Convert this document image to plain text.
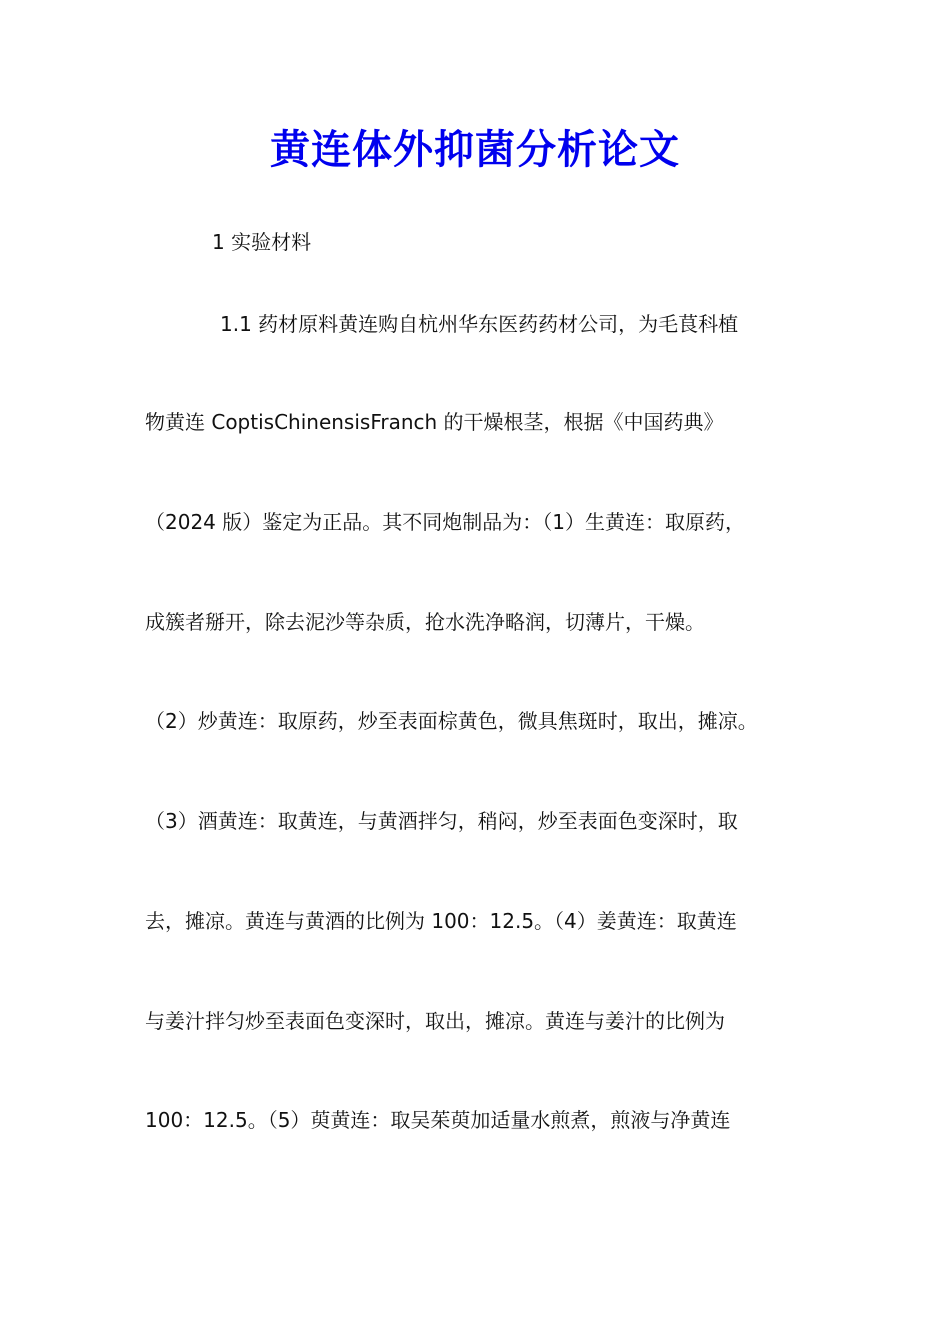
黄连体外抑菌分析论文
1 实验材料
1.1 药材原料黄连购自杭州华东医药药材公司，为毛茛科植
物黄连 CoptisChinensisFranch 的干燥根茎，根据《中国药典》
（2024 版）鉴定为正品。其不同炮制品为：（1）生黄连：取原药，
成簇者掰开，除去泥沙等杂质，抢水洗净略润，切薄片，干燥。
（2）炒黄连：取原药，炒至表面棕黄色，微具焦斑时，取出，摊凉。
（3）酒黄连：取黄连，与黄酒拌匀，稍闷，炒至表面色变深时，取
去，摊凉。黄连与黄酒的比例为 100：12.5。（4）姜黄连：取黄连
与姜汁拌匀炒至表面色变深时，取出，摊凉。黄连与姜汁的比例为
100：12.5。（5）萸黄连：取吴茱萸加适量水煎煮，煎液与净黄连
